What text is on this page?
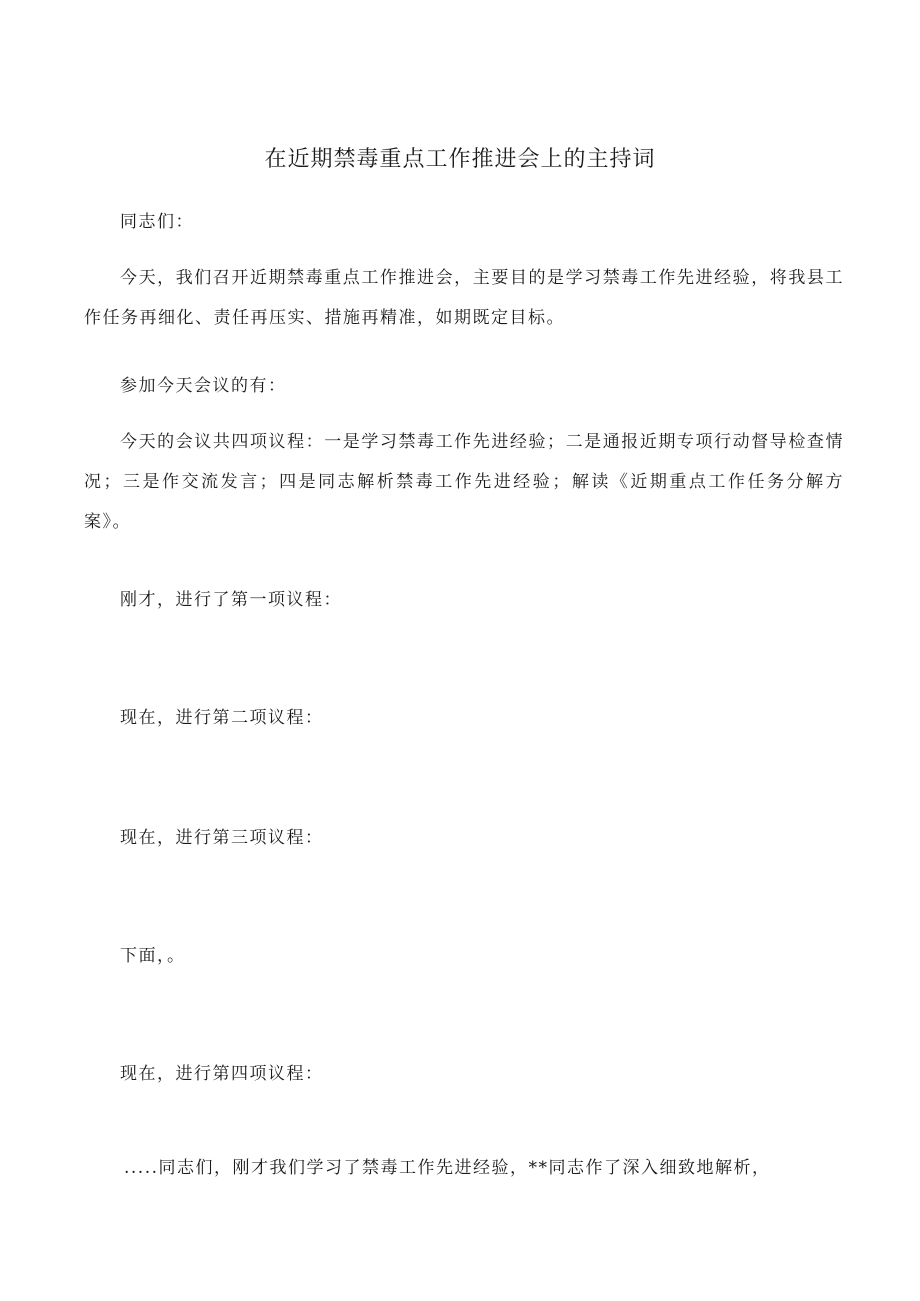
在近期禁毒重点工作推进会上的主持词

同志们：

今天，我们召开近期禁毒重点工作推进会，主要目的是学习禁毒工作先进经验，将我县工作任务再细化、责任再压实、措施再精准，如期既定目标。

参加今天会议的有：

今天的会议共四项议程：一是学习禁毒工作先进经验；二是通报近期专项行动督导检查情况；三是作交流发言；四是同志解析禁毒工作先进经验；解读《近期重点工作任务分解方案》。

刚才，进行了第一项议程：

现在，进行第二项议程：

现在，进行第三项议程：

下面，。

现在，进行第四项议程：

.....同志们，刚才我们学习了禁毒工作先进经验，**同志作了深入细致地解析，
